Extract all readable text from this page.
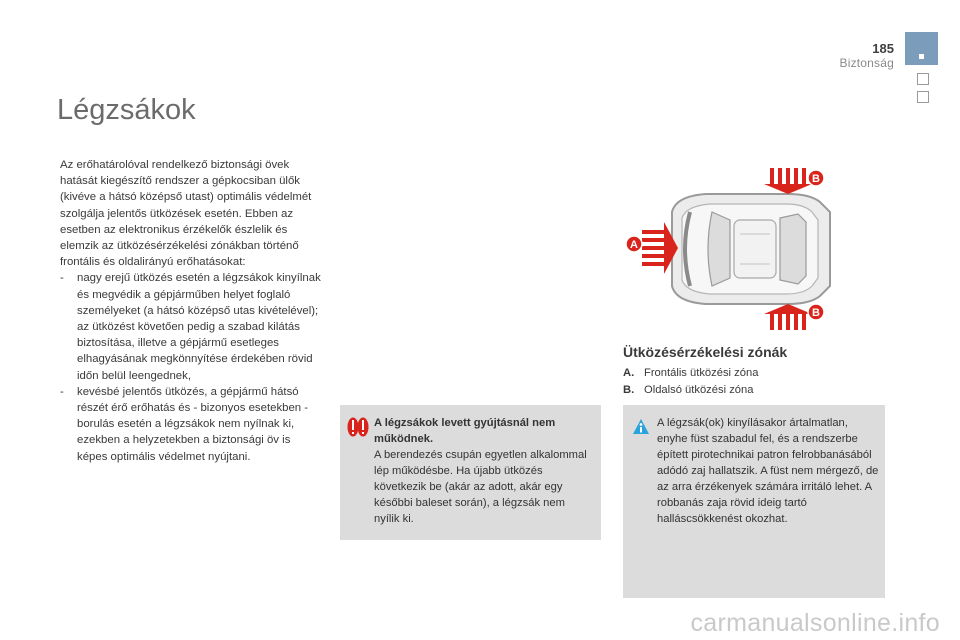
185
Biztonság
Légzsákok

Az erőhatárolóval rendelkező biztonsági övek hatását kiegészítő rendszer a gépkocsiban ülők (kivéve a hátsó középső utast) optimális védelmét szolgálja jelentős ütközések esetén. Ebben az esetben az elektronikus érzékelők észlelik és elemzik az ütközésérzékelési zónákban történő frontális és oldalirányú erőhatásokat:

-	nagy erejű ütközés esetén a légzsákok kinyílnak és megvédik a gépjárműben helyet foglaló személyeket (a hátsó középső utas kivételével); az ütközést követően pedig a szabad kilátás biztosítása, illetve a gépjármű esetleges elhagyásának megkönnyítése érdekében rövid időn belül leengednek,
-	kevésbé jelentős ütközés, a gépjármű hátsó részét érő erőhatás és - bizonyos esetekben - borulás esetén a légzsákok nem nyílnak ki, ezekben a helyzetekben a biztonsági öv is képes optimális védelmet nyújtani.
A légzsákok levett gyújtásnál nem működnek.
A berendezés csupán egyetlen alkalommal lép működésbe. Ha újabb ütközés következik be (akár az adott, akár egy későbbi baleset során), a légzsák nem nyílik ki.
A
B
B
Ütközésérzékelési zónák
A. Frontális ütközési zóna
B. Oldalsó ütközési zóna
A légzsák(ok) kinyílásakor ártalmatlan, enyhe füst szabadul fel, és a rendszerbe épített pirotechnikai patron felrobbanásából adódó zaj hallatszik. A füst nem mérgező, de az arra érzékenyek számára irritáló lehet. A robbanás zaja rövid ideig tartó halláscsökkenést okozhat.
carmanualsonline.info
